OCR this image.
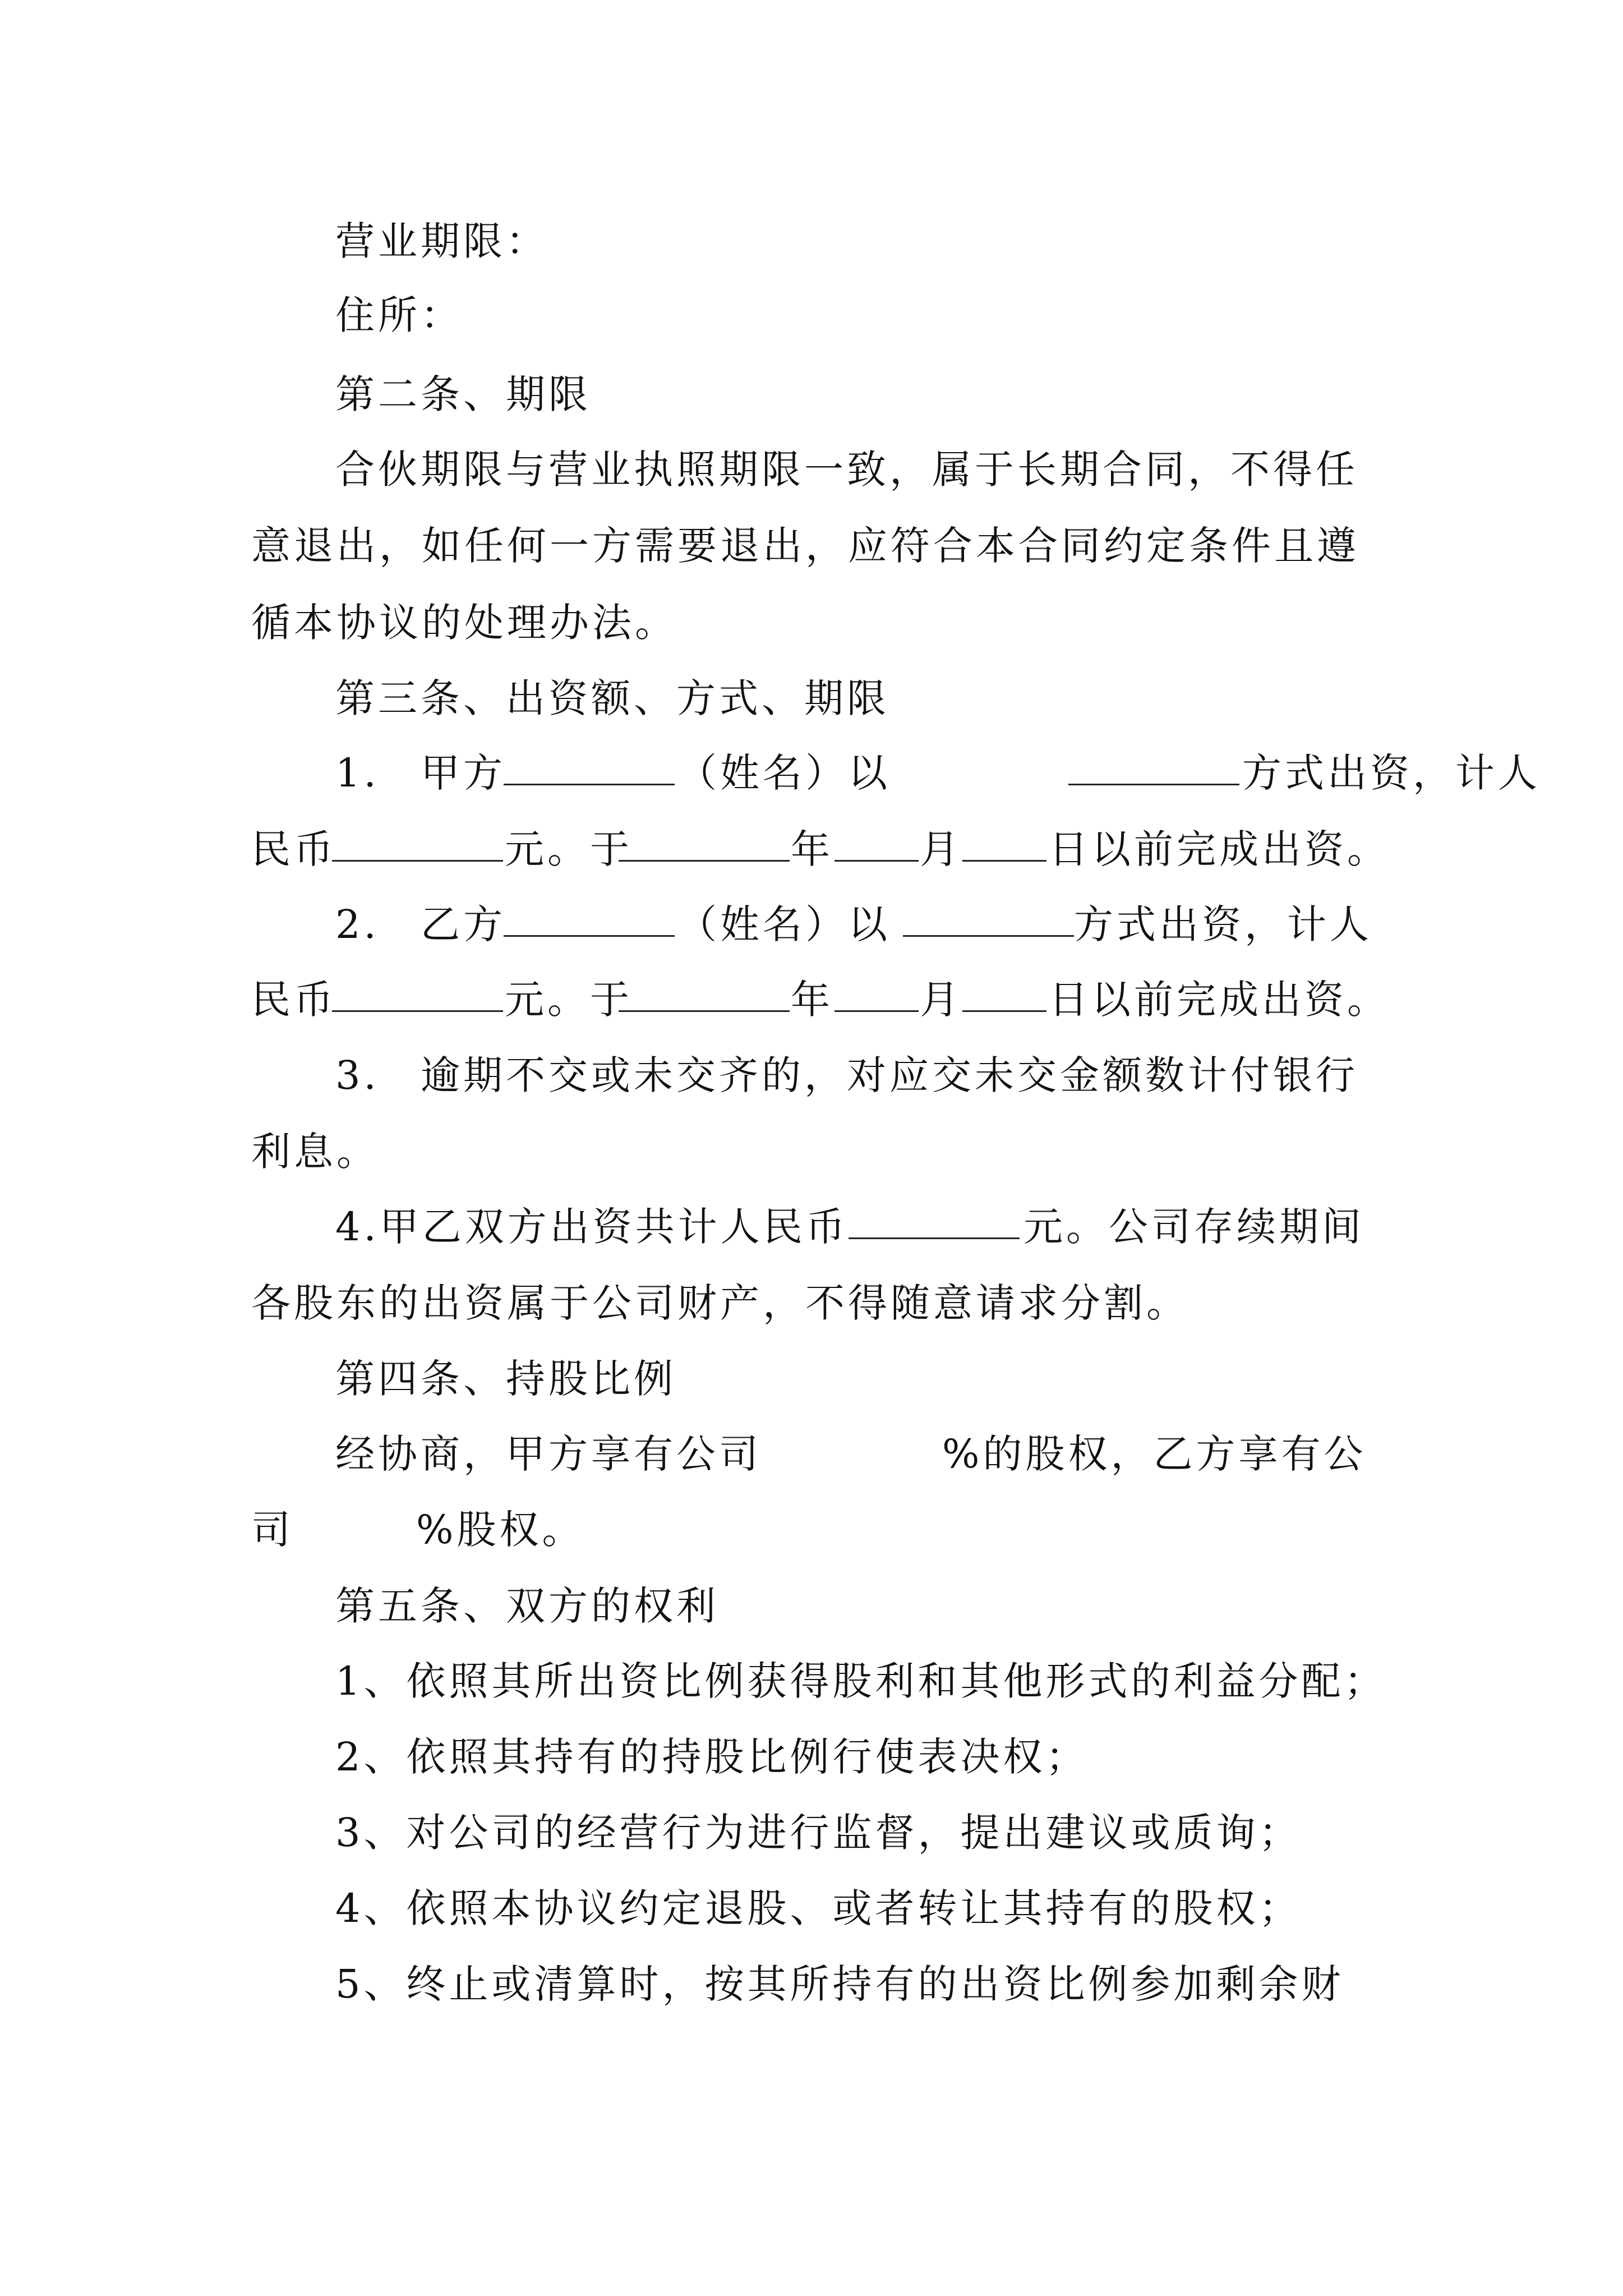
营业期限：
住所：
第二条、期限
合伙期限与营业执照期限一致，属于长期合同，不得任
意退出，如任何一方需要退出，应符合本合同约定条件且遵
循本协议的处理办法。
第三条、出资额、方式、期限
1. 甲方	（姓名）以	方式出资，计人
民币	元。于	年 月 日以前完成出资。
2. 乙方	（姓名）以	方式出资，计人
民币	元。于	年 月 日以前完成出资。
3. 逾期不交或未交齐的，对应交未交金额数计付银行
利息。
4.甲乙双方出资共计人民币	元。公司存续期间
各股东的出资属于公司财产，不得随意请求分割。
第四条、持股比例
经协商，甲方享有公司	%的股权，乙方享有公
司	%股权。
第五条、双方的权利
1、依照其所出资比例获得股利和其他形式的利益分配；
2、依照其持有的持股比例行使表决权；
3、对公司的经营行为进行监督，提出建议或质询；
4、依照本协议约定退股、或者转让其持有的股权；
5、终止或清算时，按其所持有的出资比例参加剩余财
